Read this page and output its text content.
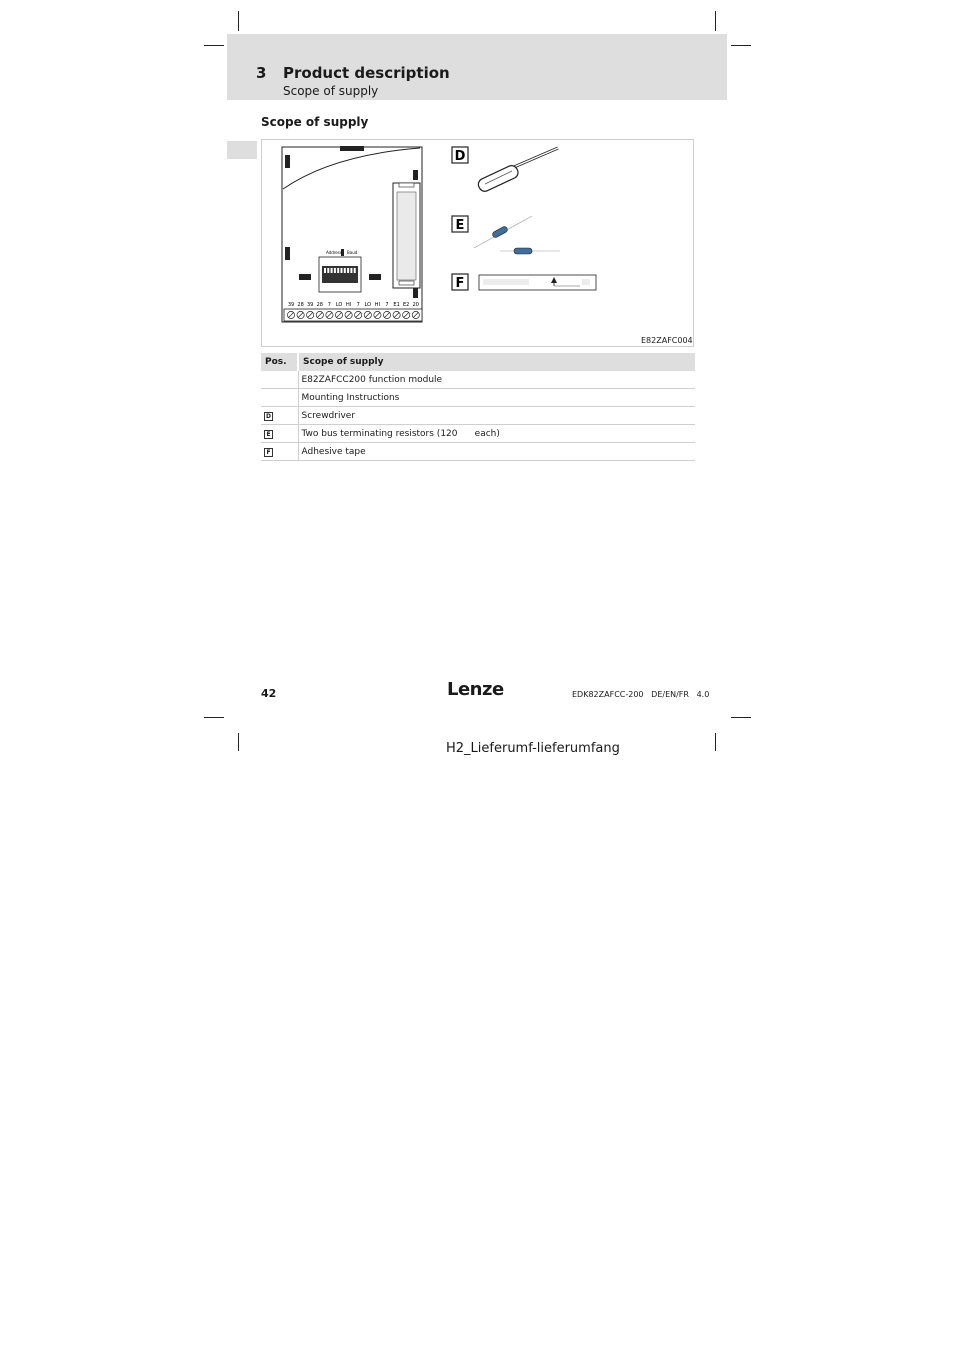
3 Product description
Scope of supply
Scope of supply
Address Baud
39 28 39 28 7 LO HI 7 LO HI 7 E1 E2 20
D
E
F
E82ZAFC004
Pos.	Scope of supply
	E82ZAFCC200 function module
	Mounting Instructions
D	Screwdriver
E	Two bus terminating resistors (120      each)
F	Adhesive tape
42	Lenze	EDK82ZAFCC-200   DE/EN/FR   4.0
H2_Lieferumf-lieferumfang
